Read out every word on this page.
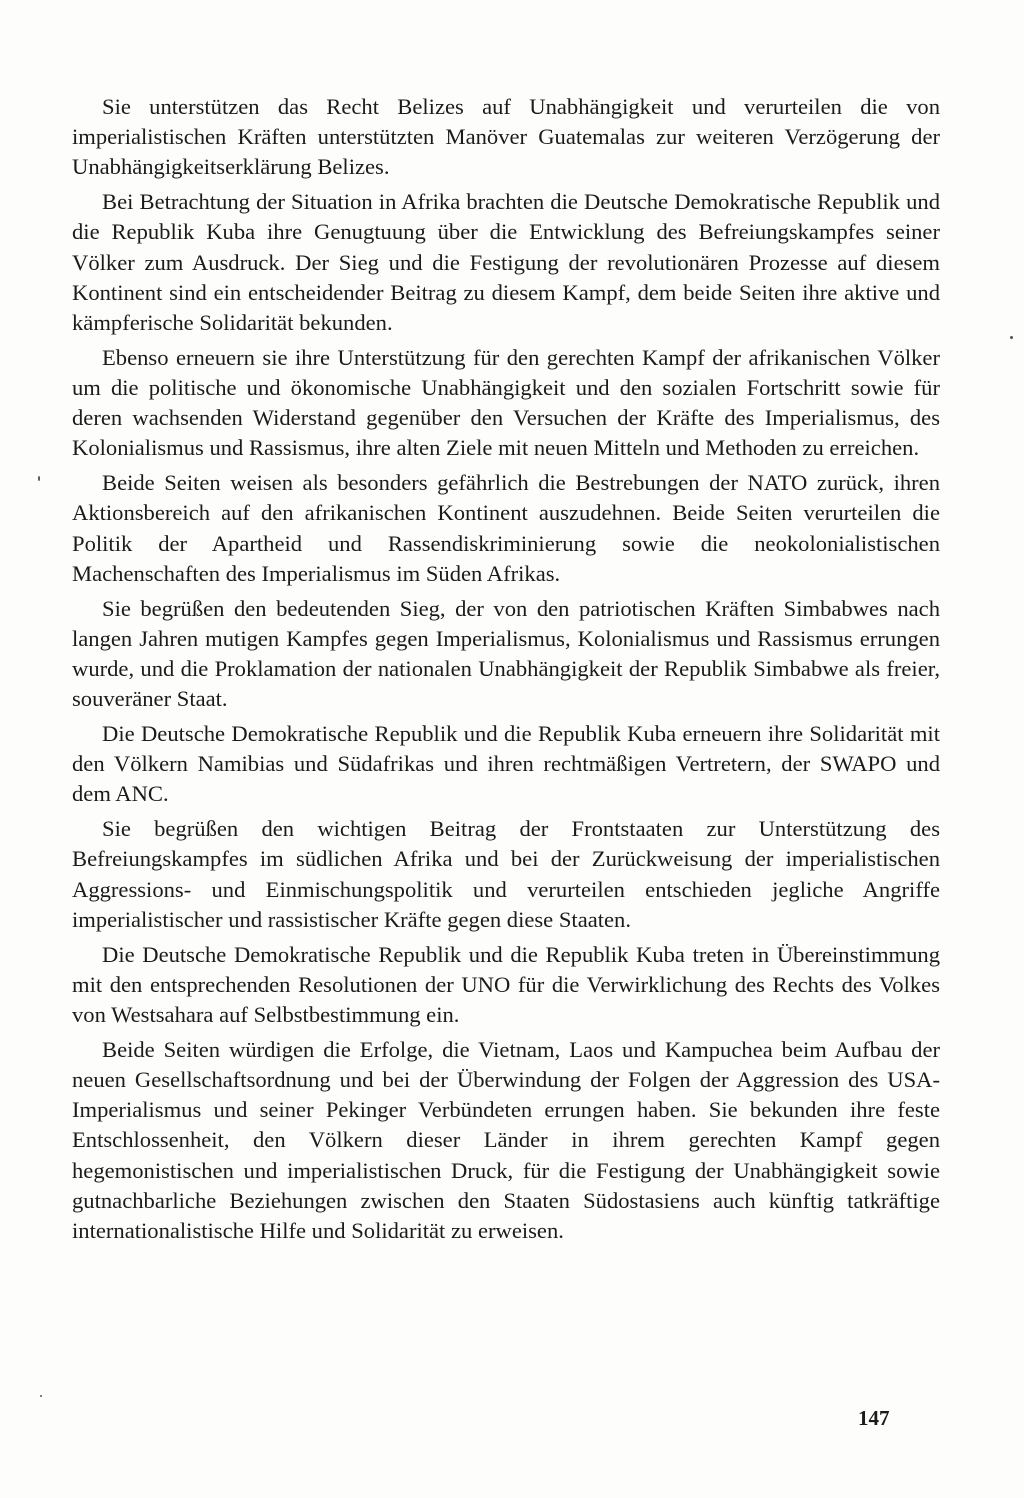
Sie unterstützen das Recht Belizes auf Unabhängigkeit und verurteilen die von imperialistischen Kräften unterstützten Manöver Guatemalas zur weiteren Verzögerung der Unabhängigkeitserklärung Belizes.

Bei Betrachtung der Situation in Afrika brachten die Deutsche Demokratische Republik und die Republik Kuba ihre Genugtuung über die Entwicklung des Befreiungskampfes seiner Völker zum Ausdruck. Der Sieg und die Festigung der revolutionären Prozesse auf diesem Kontinent sind ein entscheidender Beitrag zu diesem Kampf, dem beide Seiten ihre aktive und kämpferische Solidarität bekunden.

Ebenso erneuern sie ihre Unterstützung für den gerechten Kampf der afrikanischen Völker um die politische und ökonomische Unabhängigkeit und den sozialen Fortschritt sowie für deren wachsenden Widerstand gegenüber den Versuchen der Kräfte des Imperialismus, des Kolonialismus und Rassismus, ihre alten Ziele mit neuen Mitteln und Methoden zu erreichen.

Beide Seiten weisen als besonders gefährlich die Bestrebungen der NATO zurück, ihren Aktionsbereich auf den afrikanischen Kontinent auszudehnen. Beide Seiten verurteilen die Politik der Apartheid und Rassendiskriminierung sowie die neokolonialistischen Machenschaften des Imperialismus im Süden Afrikas.

Sie begrüßen den bedeutenden Sieg, der von den patriotischen Kräften Simbabwes nach langen Jahren mutigen Kampfes gegen Imperialismus, Kolonialismus und Rassismus errungen wurde, und die Proklamation der nationalen Unabhängigkeit der Republik Simbabwe als freier, souveräner Staat.

Die Deutsche Demokratische Republik und die Republik Kuba erneuern ihre Solidarität mit den Völkern Namibias und Südafrikas und ihren rechtmäßigen Vertretern, der SWAPO und dem ANC.

Sie begrüßen den wichtigen Beitrag der Frontstaaten zur Unterstützung des Befreiungskampfes im südlichen Afrika und bei der Zurückweisung der imperialistischen Aggressions- und Einmischungspolitik und verurteilen entschieden jegliche Angriffe imperialistischer und rassistischer Kräfte gegen diese Staaten.

Die Deutsche Demokratische Republik und die Republik Kuba treten in Übereinstimmung mit den entsprechenden Resolutionen der UNO für die Verwirklichung des Rechts des Volkes von Westsahara auf Selbstbestimmung ein.

Beide Seiten würdigen die Erfolge, die Vietnam, Laos und Kampuchea beim Aufbau der neuen Gesellschaftsordnung und bei der Überwindung der Folgen der Aggression des USA-Imperialismus und seiner Pekinger Verbündeten errungen haben. Sie bekunden ihre feste Entschlossenheit, den Völkern dieser Länder in ihrem gerechten Kampf gegen hegemonistischen und imperialistischen Druck, für die Festigung der Unabhängigkeit sowie gutnachbarliche Beziehungen zwischen den Staaten Südostasiens auch künftig tatkräftige internationalistische Hilfe und Solidarität zu erweisen.

147
